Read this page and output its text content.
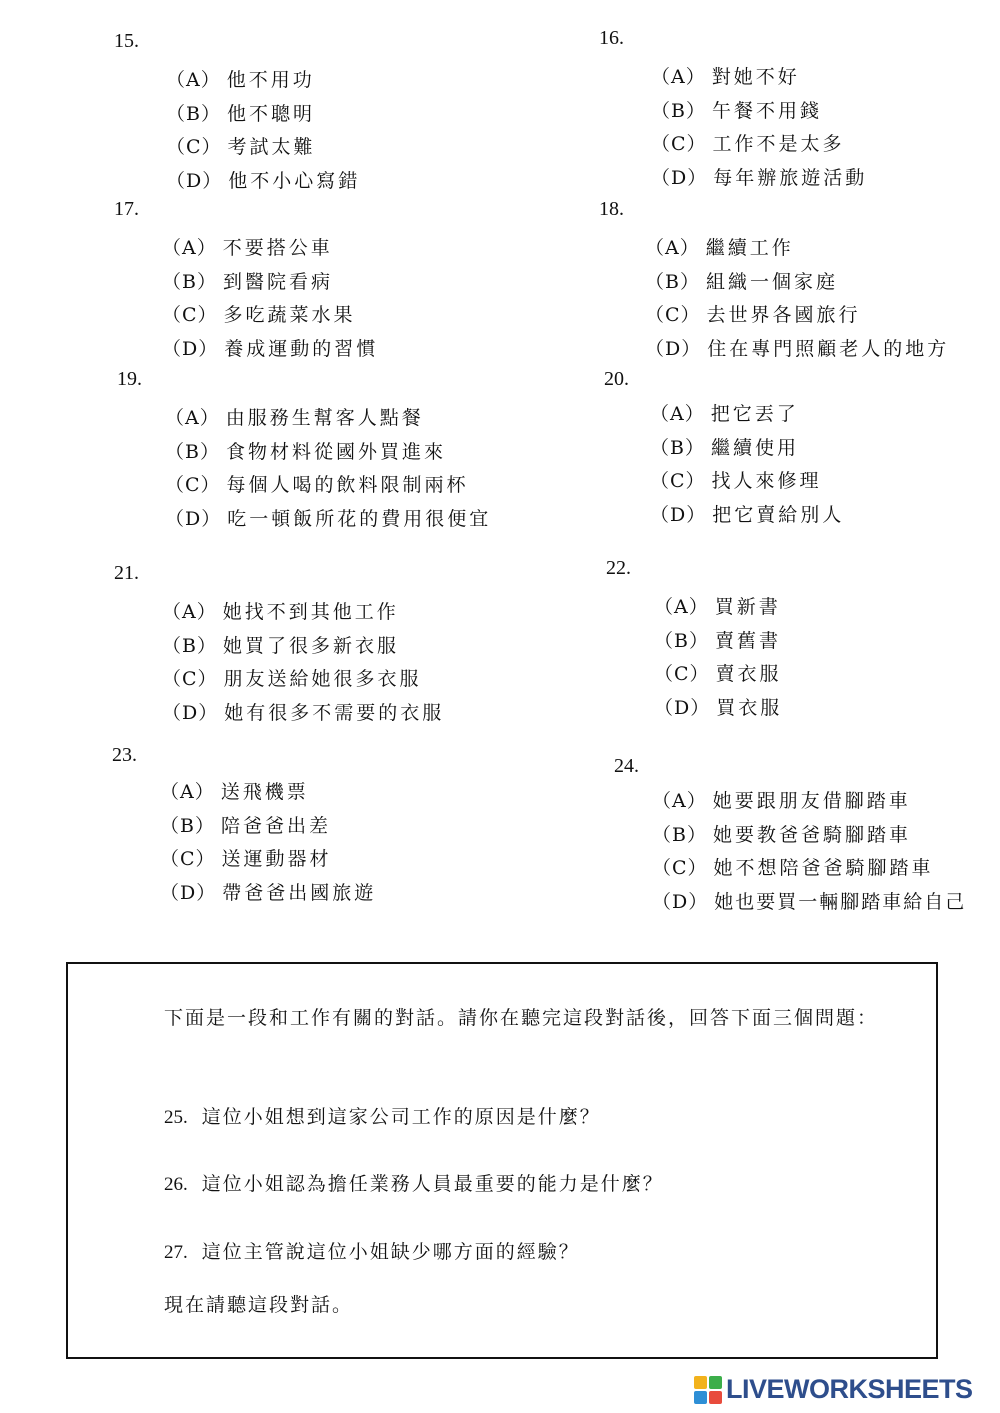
15.
（A） 他不用功
（B） 他不聰明
（C） 考試太難
（D） 他不小心寫錯
16.
（A） 對她不好
（B） 午餐不用錢
（C） 工作不是太多
（D） 每年辦旅遊活動
17.
（A） 不要搭公車
（B） 到醫院看病
（C） 多吃蔬菜水果
（D） 養成運動的習慣
18.
（A） 繼續工作
（B） 組織一個家庭
（C） 去世界各國旅行
（D） 住在專門照顧老人的地方
19.
（A） 由服務生幫客人點餐
（B） 食物材料從國外買進來
（C） 每個人喝的飲料限制兩杯
（D） 吃一頓飯所花的費用很便宜
20.
（A） 把它丟了
（B） 繼續使用
（C） 找人來修理
（D） 把它賣給別人
21.
（A） 她找不到其他工作
（B） 她買了很多新衣服
（C） 朋友送給她很多衣服
（D） 她有很多不需要的衣服
22.
（A） 買新書
（B） 賣舊書
（C） 賣衣服
（D） 買衣服
23.
（A） 送飛機票
（B） 陪爸爸出差
（C） 送運動器材
（D） 帶爸爸出國旅遊
24.
（A） 她要跟朋友借腳踏車
（B） 她要教爸爸騎腳踏車
（C） 她不想陪爸爸騎腳踏車
（D） 她也要買一輛腳踏車給自己
下面是一段和工作有關的對話。請你在聽完這段對話後，回答下面三個問題：
25. 這位小姐想到這家公司工作的原因是什麼？
26. 這位小姐認為擔任業務人員最重要的能力是什麼？
27. 這位主管說這位小姐缺少哪方面的經驗？
現在請聽這段對話。
LIVEWORKSHEETS
